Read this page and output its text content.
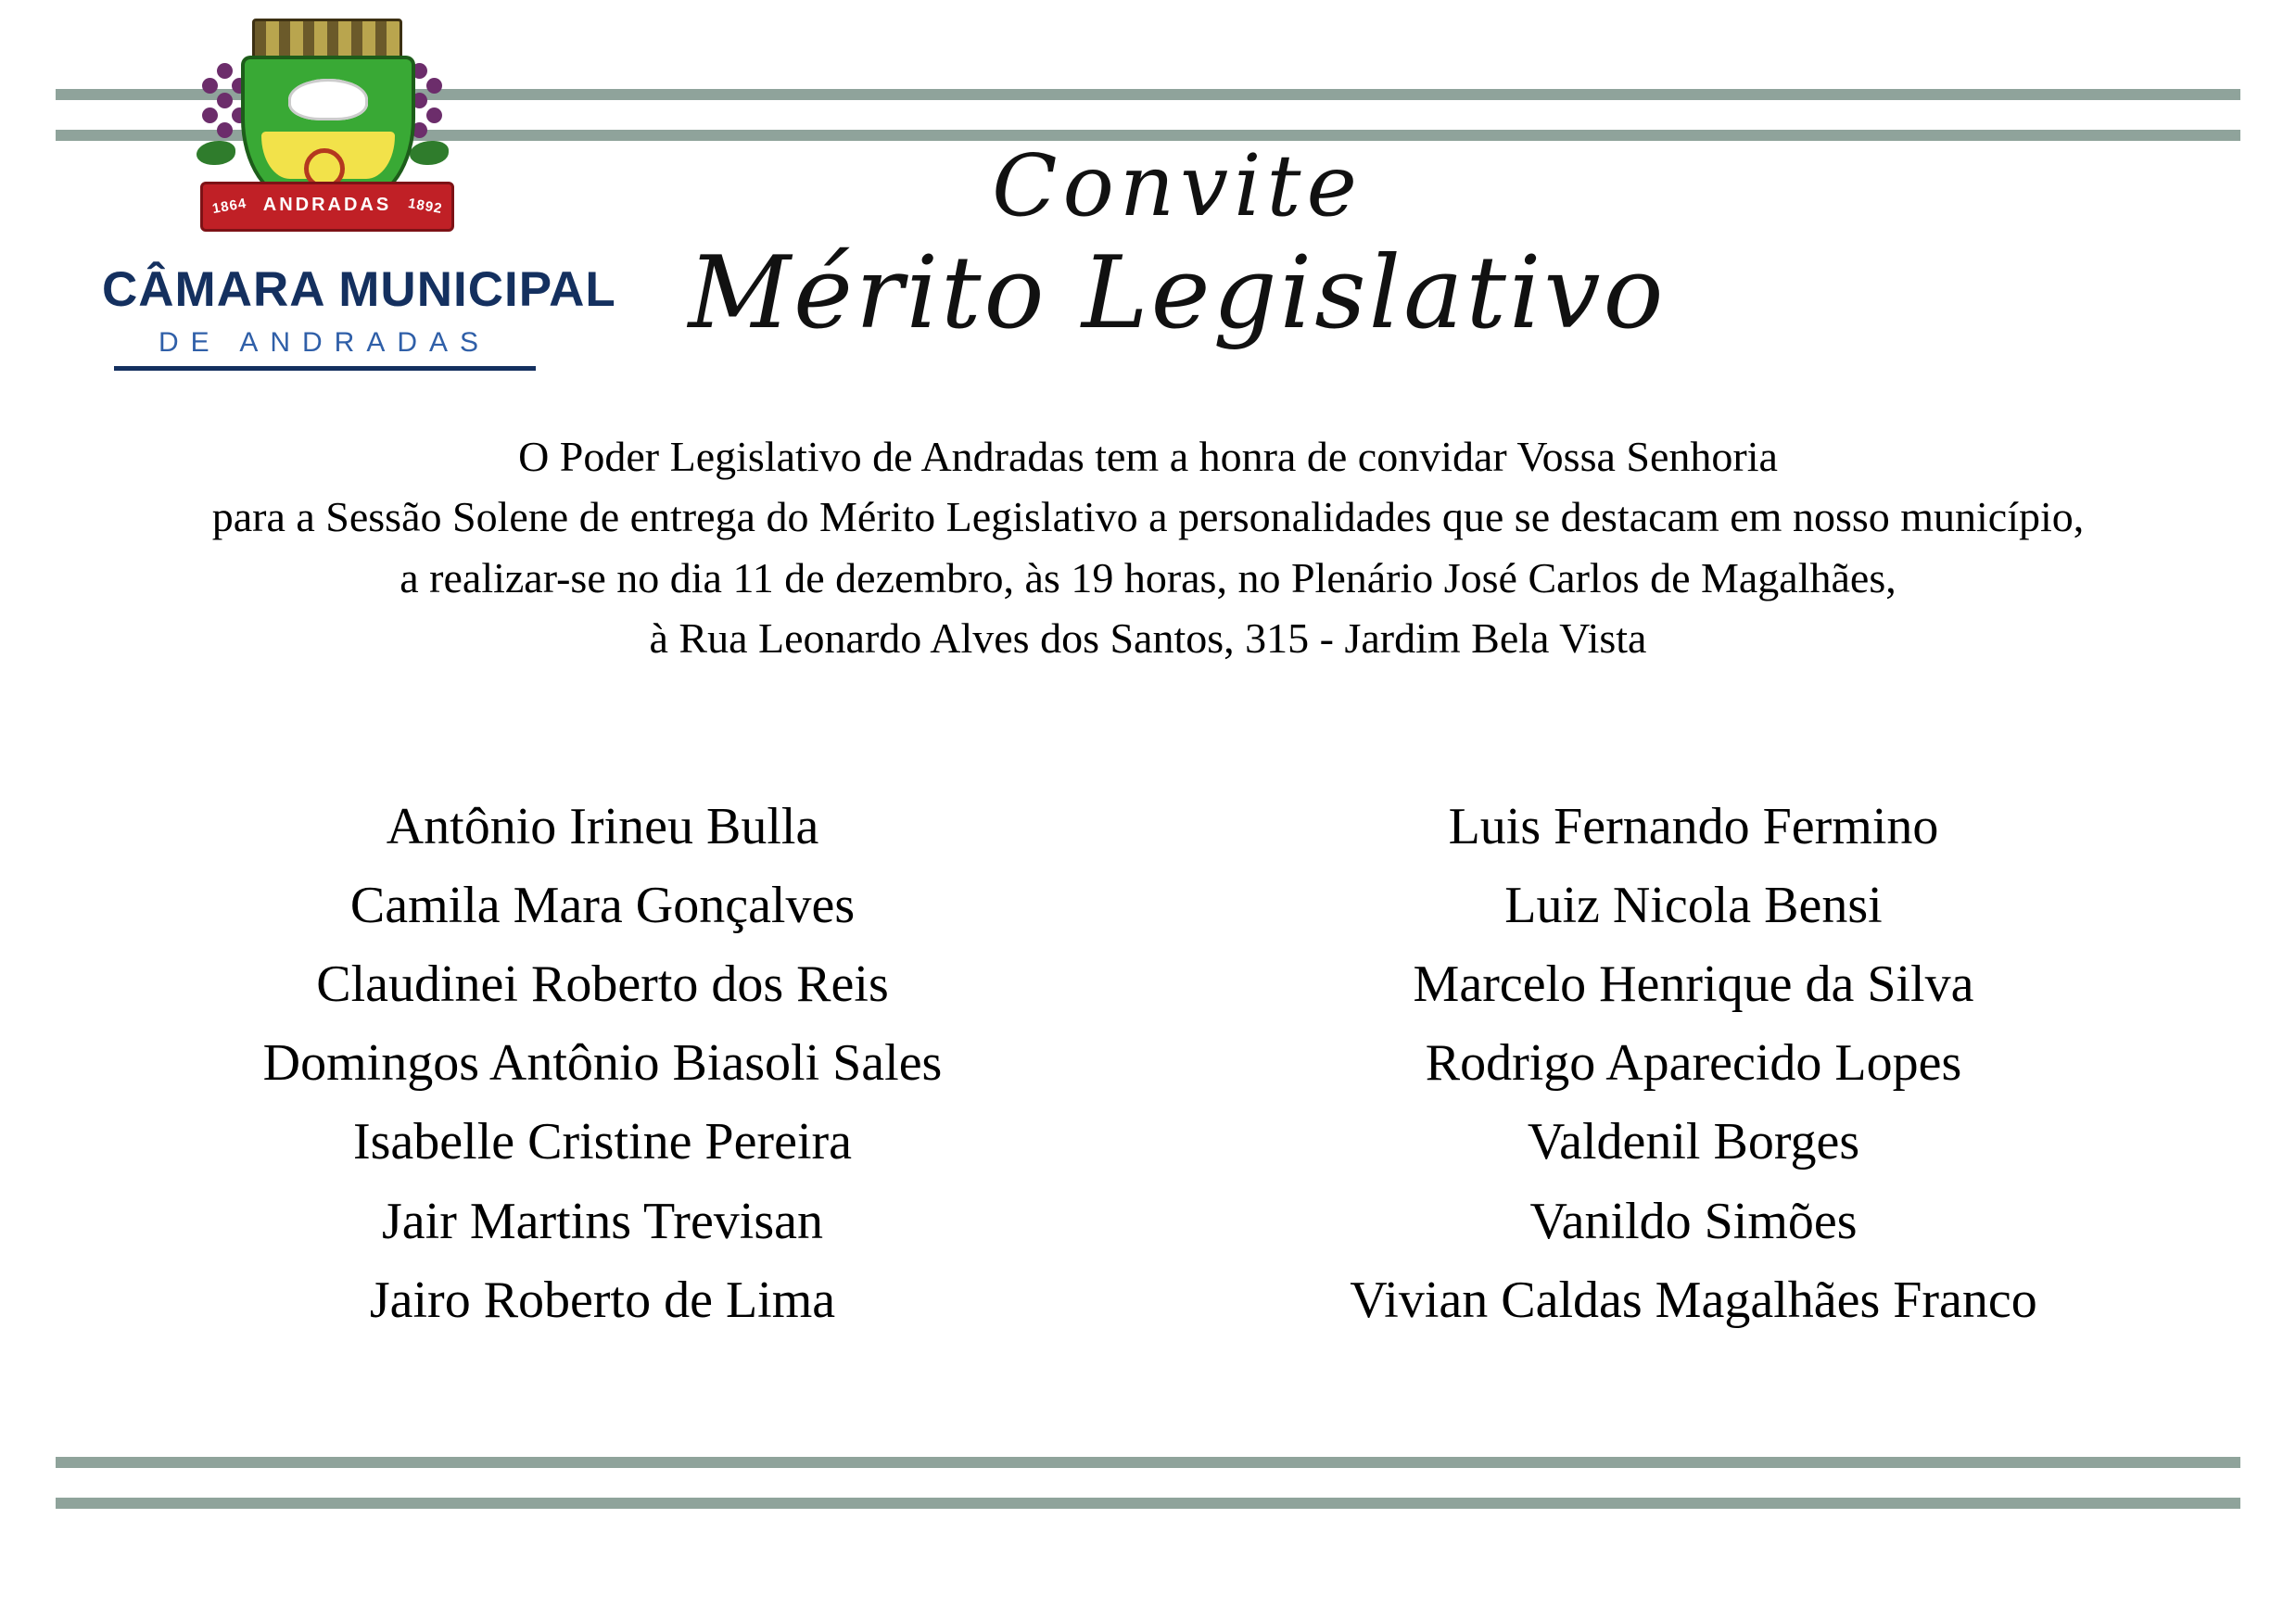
1864 ANDRADAS 1892
CÂMARA MUNICIPAL
DE ANDRADAS
Convite
Mérito Legislativo
O Poder Legislativo de Andradas tem a honra de convidar Vossa Senhoria
para a Sessão Solene de entrega do Mérito Legislativo a personalidades que se destacam em nosso município,
a realizar-se no dia 11 de dezembro, às 19 horas, no Plenário José Carlos de Magalhães,
à Rua Leonardo Alves dos Santos, 315 - Jardim Bela Vista
Antônio Irineu Bulla
Camila Mara Gonçalves
Claudinei Roberto dos Reis
Domingos Antônio Biasoli Sales
Isabelle Cristine Pereira
Jair Martins Trevisan
Jairo Roberto de Lima
Luis Fernando Fermino
Luiz Nicola Bensi
Marcelo Henrique da Silva
Rodrigo Aparecido Lopes
Valdenil Borges
Vanildo Simões
Vivian Caldas Magalhães Franco
